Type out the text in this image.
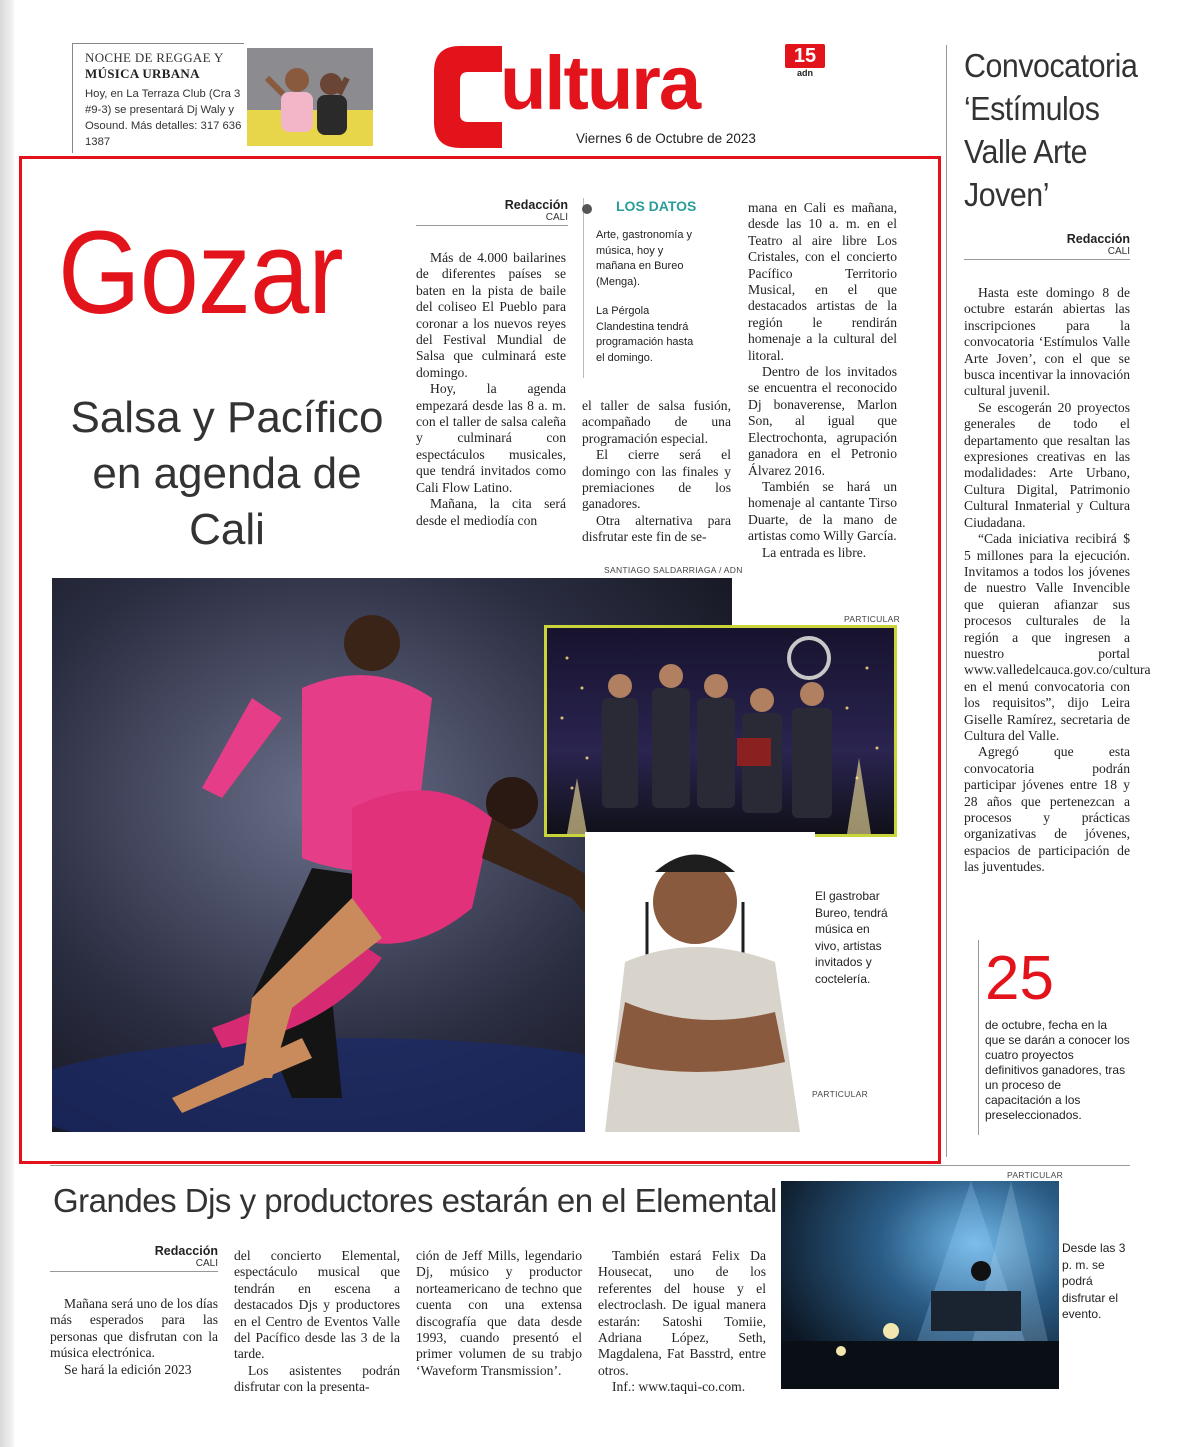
NOCHE DE REGGAE Y
MÚSICA URBANA
Hoy, en La Terraza Club (Cra 3 #9-3) se presentará Dj Waly y Osound. Más detalles: 317 636 1387
ultura
Viernes 6 de Octubre de 2023
15
adn
Gozar
Salsa y Pacífico en agenda de Cali
Redacción
CALI

Más de 4.000 bailarines de diferentes países se baten en la pista de baile del coliseo El Pueblo para coronar a los nuevos reyes del Festival Mundial de Salsa que culminará este domingo.

Hoy, la agenda empezará desde las 8 a. m. con el taller de salsa caleña y culminará con espectáculos musicales, que tendrá invitados como Cali Flow Latino.

Mañana, la cita será desde el mediodía con

LOS DATOS
Arte, gastronomía y música, hoy y mañana en Bureo (Menga).
La Pérgola Clandestina tendrá programación hasta el domingo.

el taller de salsa fusión, acompañado de una programación especial.

El cierre será el domingo con las finales y premiaciones de los ganadores.

Otra alternativa para disfrutar este fin de se-

mana en Cali es mañana, desde las 10 a. m. en el Teatro al aire libre Los Cristales, con el concierto Pacífico Territorio Musical, en el que destacados artistas de la región le rendirán homenaje a la cultural del litoral.

Dentro de los invitados se encuentra el reconocido Dj bonaverense, Marlon Son, al igual que Electrochonta, agrupación ganadora en el Petronio Álvarez 2016.

También se hará un homenaje al cantante Tirso Duarte, de la mano de artistas como Willy García.

La entrada es libre.

SANTIAGO SALDARRIAGA / ADN
PARTICULAR
El gastrobar Bureo, tendrá música en vivo, artistas invitados y coctelería.
PARTICULAR
Convocatoria ‘Estímulos Valle Arte Joven’
Redacción
CALI

Hasta este domingo 8 de octubre estarán abiertas las inscripciones para la convocatoria ‘Estímulos Valle Arte Joven’, con el que se busca incentivar la innovación cultural juvenil.

Se escogerán 20 proyectos generales de todo el departamento que resaltan las expresiones creativas en las modalidades: Arte Urbano, Cultura Digital, Patrimonio Cultural Inmaterial y Cultura Ciudadana.

“Cada iniciativa recibirá $ 5 millones para la ejecución. Invitamos a todos los jóvenes de nuestro Valle Invencible que quieran afianzar sus procesos culturales de la región a que ingresen a nuestro portal www.valledelcauca.gov.co/cultura en el menú convocatoria con los requisitos”, dijo Leira Giselle Ramírez, secretaria de Cultura del Valle.

Agregó que esta convocatoria podrán participar jóvenes entre 18 y 28 años que pertenezcan a procesos y prácticas organizativas de jóvenes, espacios de participación de las juventudes.

25
de octubre, fecha en la que se darán a conocer los cuatro proyectos definitivos ganadores, tras un proceso de capacitación a los preseleccionados.
Grandes Djs y productores estarán en el Elemental
Redacción
CALI

Mañana será uno de los días más esperados para las personas que disfrutan con la música electrónica.

Se hará la edición 2023

del concierto Elemental, espectáculo musical que tendrán en escena a destacados Djs y productores en el Centro de Eventos Valle del Pacífico desde las 3 de la tarde.

Los asistentes podrán disfrutar con la presenta-

ción de Jeff Mills, legendario Dj, músico y productor norteamericano de techno que cuenta con una extensa discografía que data desde 1993, cuando presentó el primer volumen de su trabjo ‘Waveform Transmission’.

También estará Felix Da Housecat, uno de los referentes del house y el electroclash. De igual manera estarán: Satoshi Tomiie, Adriana López, Seth, Magdalena, Fat Basstrd, entre otros.

Inf.: www.taqui-co.com.

PARTICULAR
Desde las 3 p. m. se podrá disfrutar el evento.
